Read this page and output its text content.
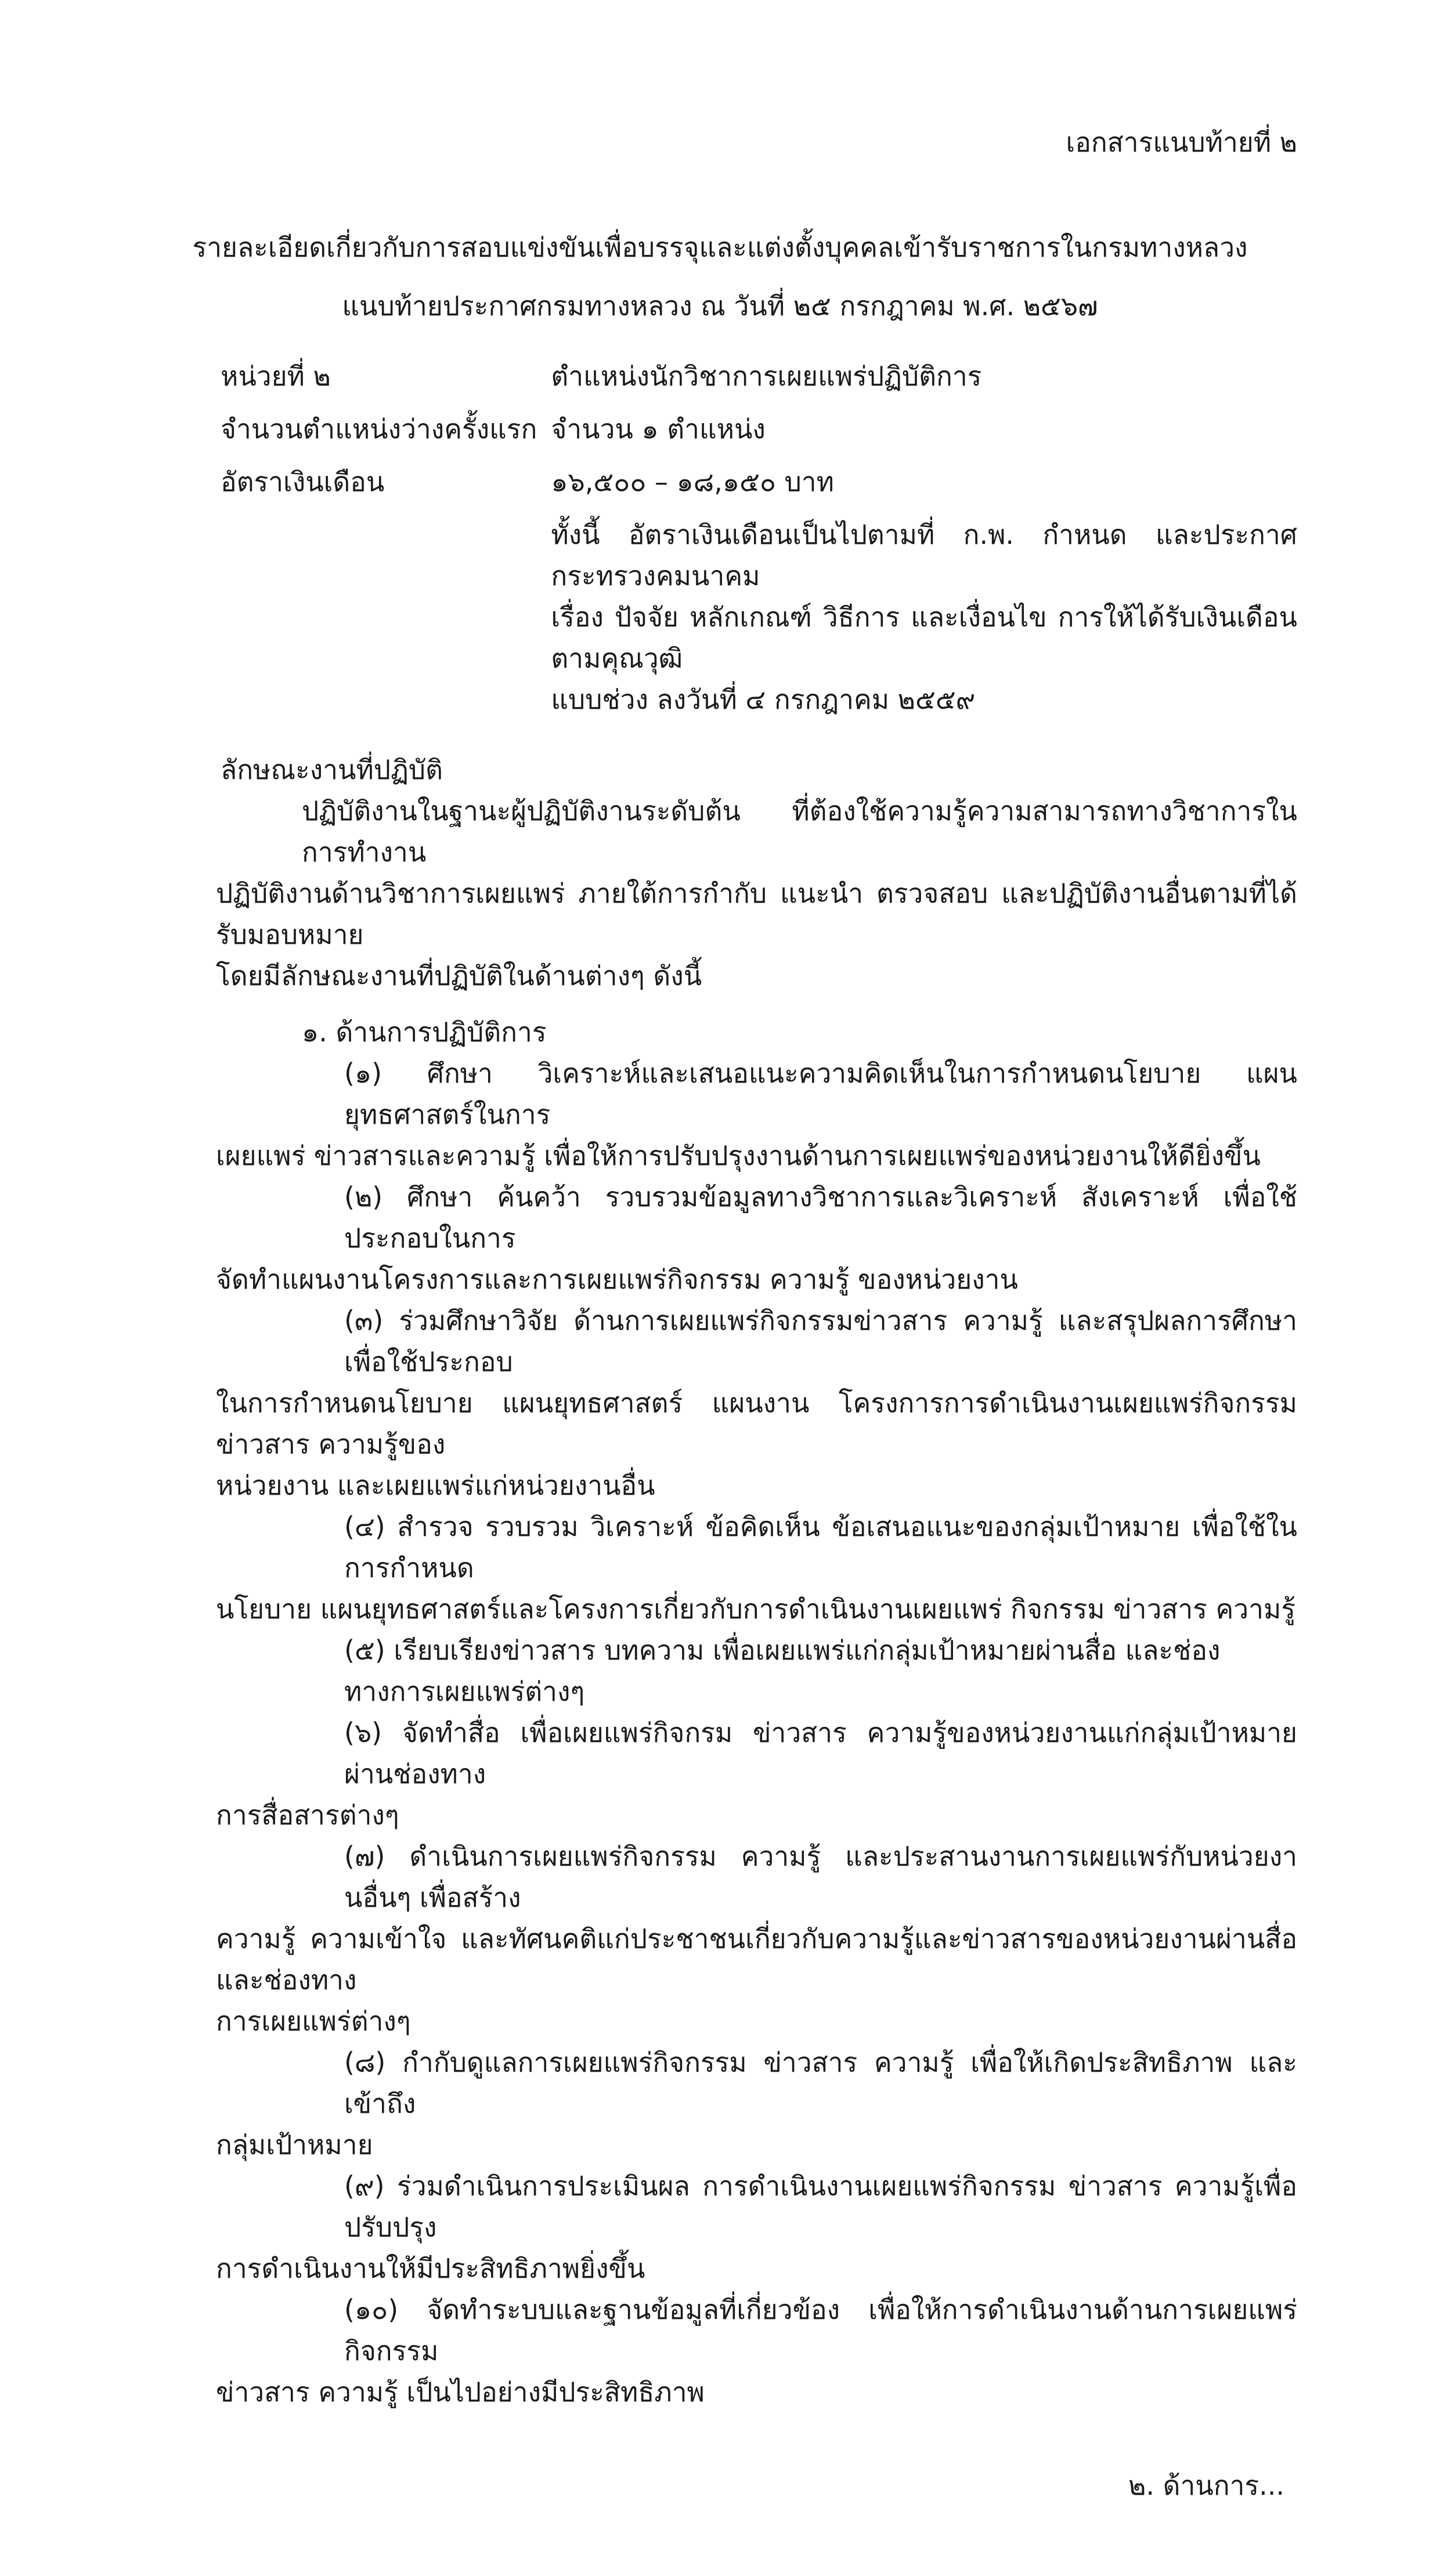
เอกสารแนบท้ายที่ ๒
รายละเอียดเกี่ยวกับการสอบแข่งขันเพื่อบรรจุและแต่งตั้งบุคคลเข้ารับราชการในกรมทางหลวง
แนบท้ายประกาศกรมทางหลวง ณ วันที่ ๒๕ กรกฎาคม พ.ศ. ๒๕๖๗
หน่วยที่ ๒	ตำแหน่งนักวิชาการเผยแพร่ปฏิบัติการ
จำนวนตำแหน่งว่างครั้งแรก จำนวน ๑ ตำแหน่ง
อัตราเงินเดือน	๑๖,๕๐๐ – ๑๘,๑๕๐ บาท
ทั้งนี้ อัตราเงินเดือนเป็นไปตามที่ ก.พ. กำหนด และประกาศกระทรวงคมนาคม
เรื่อง ปัจจัย หลักเกณฑ์ วิธีการ และเงื่อนไข การให้ได้รับเงินเดือนตามคุณวุฒิ
แบบช่วง ลงวันที่ ๔ กรกฎาคม ๒๕๕๙
ลักษณะงานที่ปฏิบัติ
ปฏิบัติงานในฐานะผู้ปฏิบัติงานระดับต้น ที่ต้องใช้ความรู้ความสามารถทางวิชาการในการทำงาน
ปฏิบัติงานด้านวิชาการเผยแพร่ ภายใต้การกำกับ แนะนำ ตรวจสอบ และปฏิบัติงานอื่นตามที่ได้รับมอบหมาย
โดยมีลักษณะงานที่ปฏิบัติในด้านต่างๆ ดังนี้
๑. ด้านการปฏิบัติการ
(๑) ศึกษา วิเคราะห์และเสนอแนะความคิดเห็นในการกำหนดนโยบาย แผนยุทธศาสตร์ในการ
เผยแพร่ ข่าวสารและความรู้ เพื่อให้การปรับปรุงงานด้านการเผยแพร่ของหน่วยงานให้ดียิ่งขึ้น
(๒) ศึกษา ค้นคว้า รวบรวมข้อมูลทางวิชาการและวิเคราะห์ สังเคราะห์ เพื่อใช้ประกอบในการ
จัดทำแผนงานโครงการและการเผยแพร่กิจกรรม ความรู้ ของหน่วยงาน
(๓) ร่วมศึกษาวิจัย ด้านการเผยแพร่กิจกรรมข่าวสาร ความรู้ และสรุปผลการศึกษาเพื่อใช้ประกอบ
ในการกำหนดนโยบาย แผนยุทธศาสตร์ แผนงาน โครงการการดำเนินงานเผยแพร่กิจกรรม ข่าวสาร ความรู้ของ
หน่วยงาน และเผยแพร่แก่หน่วยงานอื่น
(๔) สำรวจ รวบรวม วิเคราะห์ ข้อคิดเห็น ข้อเสนอแนะของกลุ่มเป้าหมาย เพื่อใช้ในการกำหนด
นโยบาย แผนยุทธศาสตร์และโครงการเกี่ยวกับการดำเนินงานเผยแพร่ กิจกรรม ข่าวสาร ความรู้
(๕) เรียบเรียงข่าวสาร บทความ เพื่อเผยแพร่แก่กลุ่มเป้าหมายผ่านสื่อ และช่องทางการเผยแพร่ต่างๆ
(๖) จัดทำสื่อ เพื่อเผยแพร่กิจกรม ข่าวสาร ความรู้ของหน่วยงานแก่กลุ่มเป้าหมายผ่านช่องทาง
การสื่อสารต่างๆ
(๗) ดำเนินการเผยแพร่กิจกรรม ความรู้ และประสานงานการเผยแพร่กับหน่วยงานอื่นๆ เพื่อสร้าง
ความรู้ ความเข้าใจ และทัศนคติแก่ประชาชนเกี่ยวกับความรู้และข่าวสารของหน่วยงานผ่านสื่อและช่องทาง
การเผยแพร่ต่างๆ
(๘) กำกับดูแลการเผยแพร่กิจกรรม ข่าวสาร ความรู้ เพื่อให้เกิดประสิทธิภาพ และเข้าถึง
กลุ่มเป้าหมาย
(๙) ร่วมดำเนินการประเมินผล การดำเนินงานเผยแพร่กิจกรรม ข่าวสาร ความรู้เพื่อปรับปรุง
การดำเนินงานให้มีประสิทธิภาพยิ่งขึ้น
(๑๐) จัดทำระบบและฐานข้อมูลที่เกี่ยวข้อง เพื่อให้การดำเนินงานด้านการเผยแพร่กิจกรรม
ข่าวสาร ความรู้ เป็นไปอย่างมีประสิทธิภาพ
๒. ด้านการ...
